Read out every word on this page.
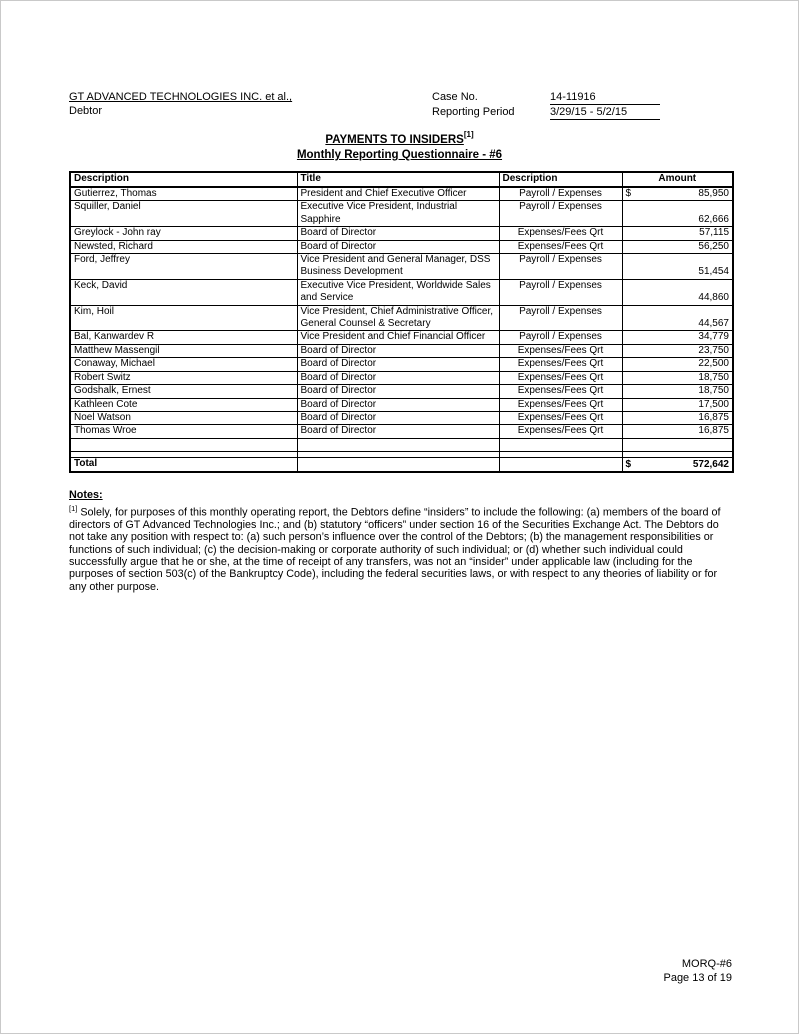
GT ADVANCED TECHNOLOGIES INC. et al.,
Debtor
Case No.	14-11916
Reporting Period	3/29/15 - 5/2/15
PAYMENTS TO INSIDERS[1]
Monthly Reporting Questionnaire - #6
Description	Title	Description	Amount
Gutierrez, Thomas	President and Chief Executive Officer	Payroll / Expenses	$ 85,950

Squiller, Daniel	Executive Vice President, Industrial Sapphire	Payroll / Expenses	62,666

Greylock - John ray	Board of Director	Expenses/Fees Qrt	57,115

Newsted, Richard	Board of Director	Expenses/Fees Qrt	56,250

Ford, Jeffrey	Vice President and General Manager, DSS Business Development	Payroll / Expenses	51,454

Keck, David	Executive Vice President, Worldwide Sales and Service	Payroll / Expenses	44,860

Kim, Hoil	Vice President, Chief Administrative Officer, General Counsel & Secretary	Payroll / Expenses	44,567

Bal, Kanwardev R	Vice President and Chief Financial Officer	Payroll / Expenses	34,779

Matthew Massengil	Board of Director	Expenses/Fees Qrt	23,750

Conaway, Michael	Board of Director	Expenses/Fees Qrt	22,500

Robert Switz	Board of Director	Expenses/Fees Qrt	18,750

Godshalk, Ernest	Board of Director	Expenses/Fees Qrt	18,750

Kathleen Cote	Board of Director	Expenses/Fees Qrt	17,500

Noel Watson	Board of Director	Expenses/Fees Qrt	16,875

Thomas Wroe	Board of Director	Expenses/Fees Qrt	16,875

Total			$ 572,642
Notes:
[1] Solely, for purposes of this monthly operating report, the Debtors define “insiders” to include the following: (a) members of the board of directors of GT Advanced Technologies Inc.; and (b) statutory “officers” under section 16 of the Securities Exchange Act. The Debtors do not take any position with respect to: (a) such person’s influence over the control of the Debtors; (b) the management responsibilities or functions of such individual; (c) the decision-making or corporate authority of such individual; or (d) whether such individual could successfully argue that he or she, at the time of receipt of any transfers, was not an “insider” under applicable law (including for the purposes of section 503(c) of the Bankruptcy Code), including the federal securities laws, or with respect to any theories of liability or for any other purpose.
MORQ-#6
Page 13 of 19
